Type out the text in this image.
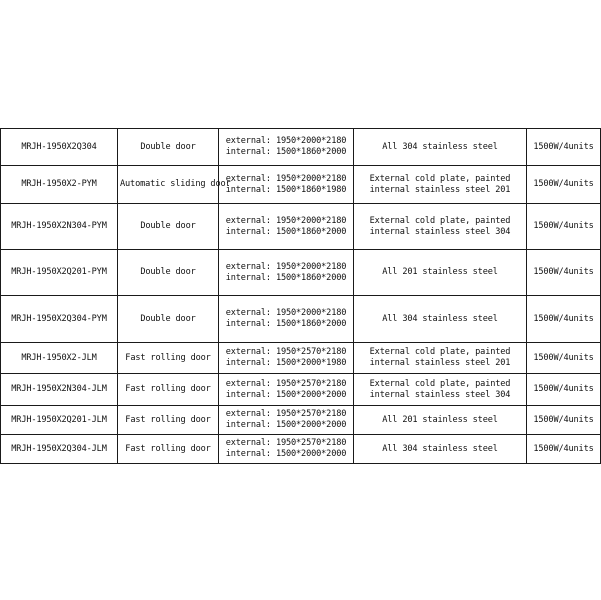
MRJH-1950X2Q304	Double door	external: 1950*2000*2180
internal: 1500*1860*2000	All 304 stainless steel	1500W/4units
MRJH-1950X2-PYM	Automatic sliding door	external: 1950*2000*2180
internal: 1500*1860*1980	External cold plate, painted
internal stainless steel 201	1500W/4units
MRJH-1950X2N304-PYM	Double door	external: 1950*2000*2180
internal: 1500*1860*2000	External cold plate, painted
internal stainless steel 304	1500W/4units
MRJH-1950X2Q201-PYM	Double door	external: 1950*2000*2180
internal: 1500*1860*2000	All 201 stainless steel	1500W/4units
MRJH-1950X2Q304-PYM	Double door	external: 1950*2000*2180
internal: 1500*1860*2000	All 304 stainless steel	1500W/4units
MRJH-1950X2-JLM	Fast rolling door	external: 1950*2570*2180
internal: 1500*2000*1980	External cold plate, painted
internal stainless steel 201	1500W/4units
MRJH-1950X2N304-JLM	Fast rolling door	external: 1950*2570*2180
internal: 1500*2000*2000	External cold plate, painted
internal stainless steel 304	1500W/4units
MRJH-1950X2Q201-JLM	Fast rolling door	external: 1950*2570*2180
internal: 1500*2000*2000	All 201 stainless steel	1500W/4units
MRJH-1950X2Q304-JLM	Fast rolling door	external: 1950*2570*2180
internal: 1500*2000*2000	All 304 stainless steel	1500W/4units
